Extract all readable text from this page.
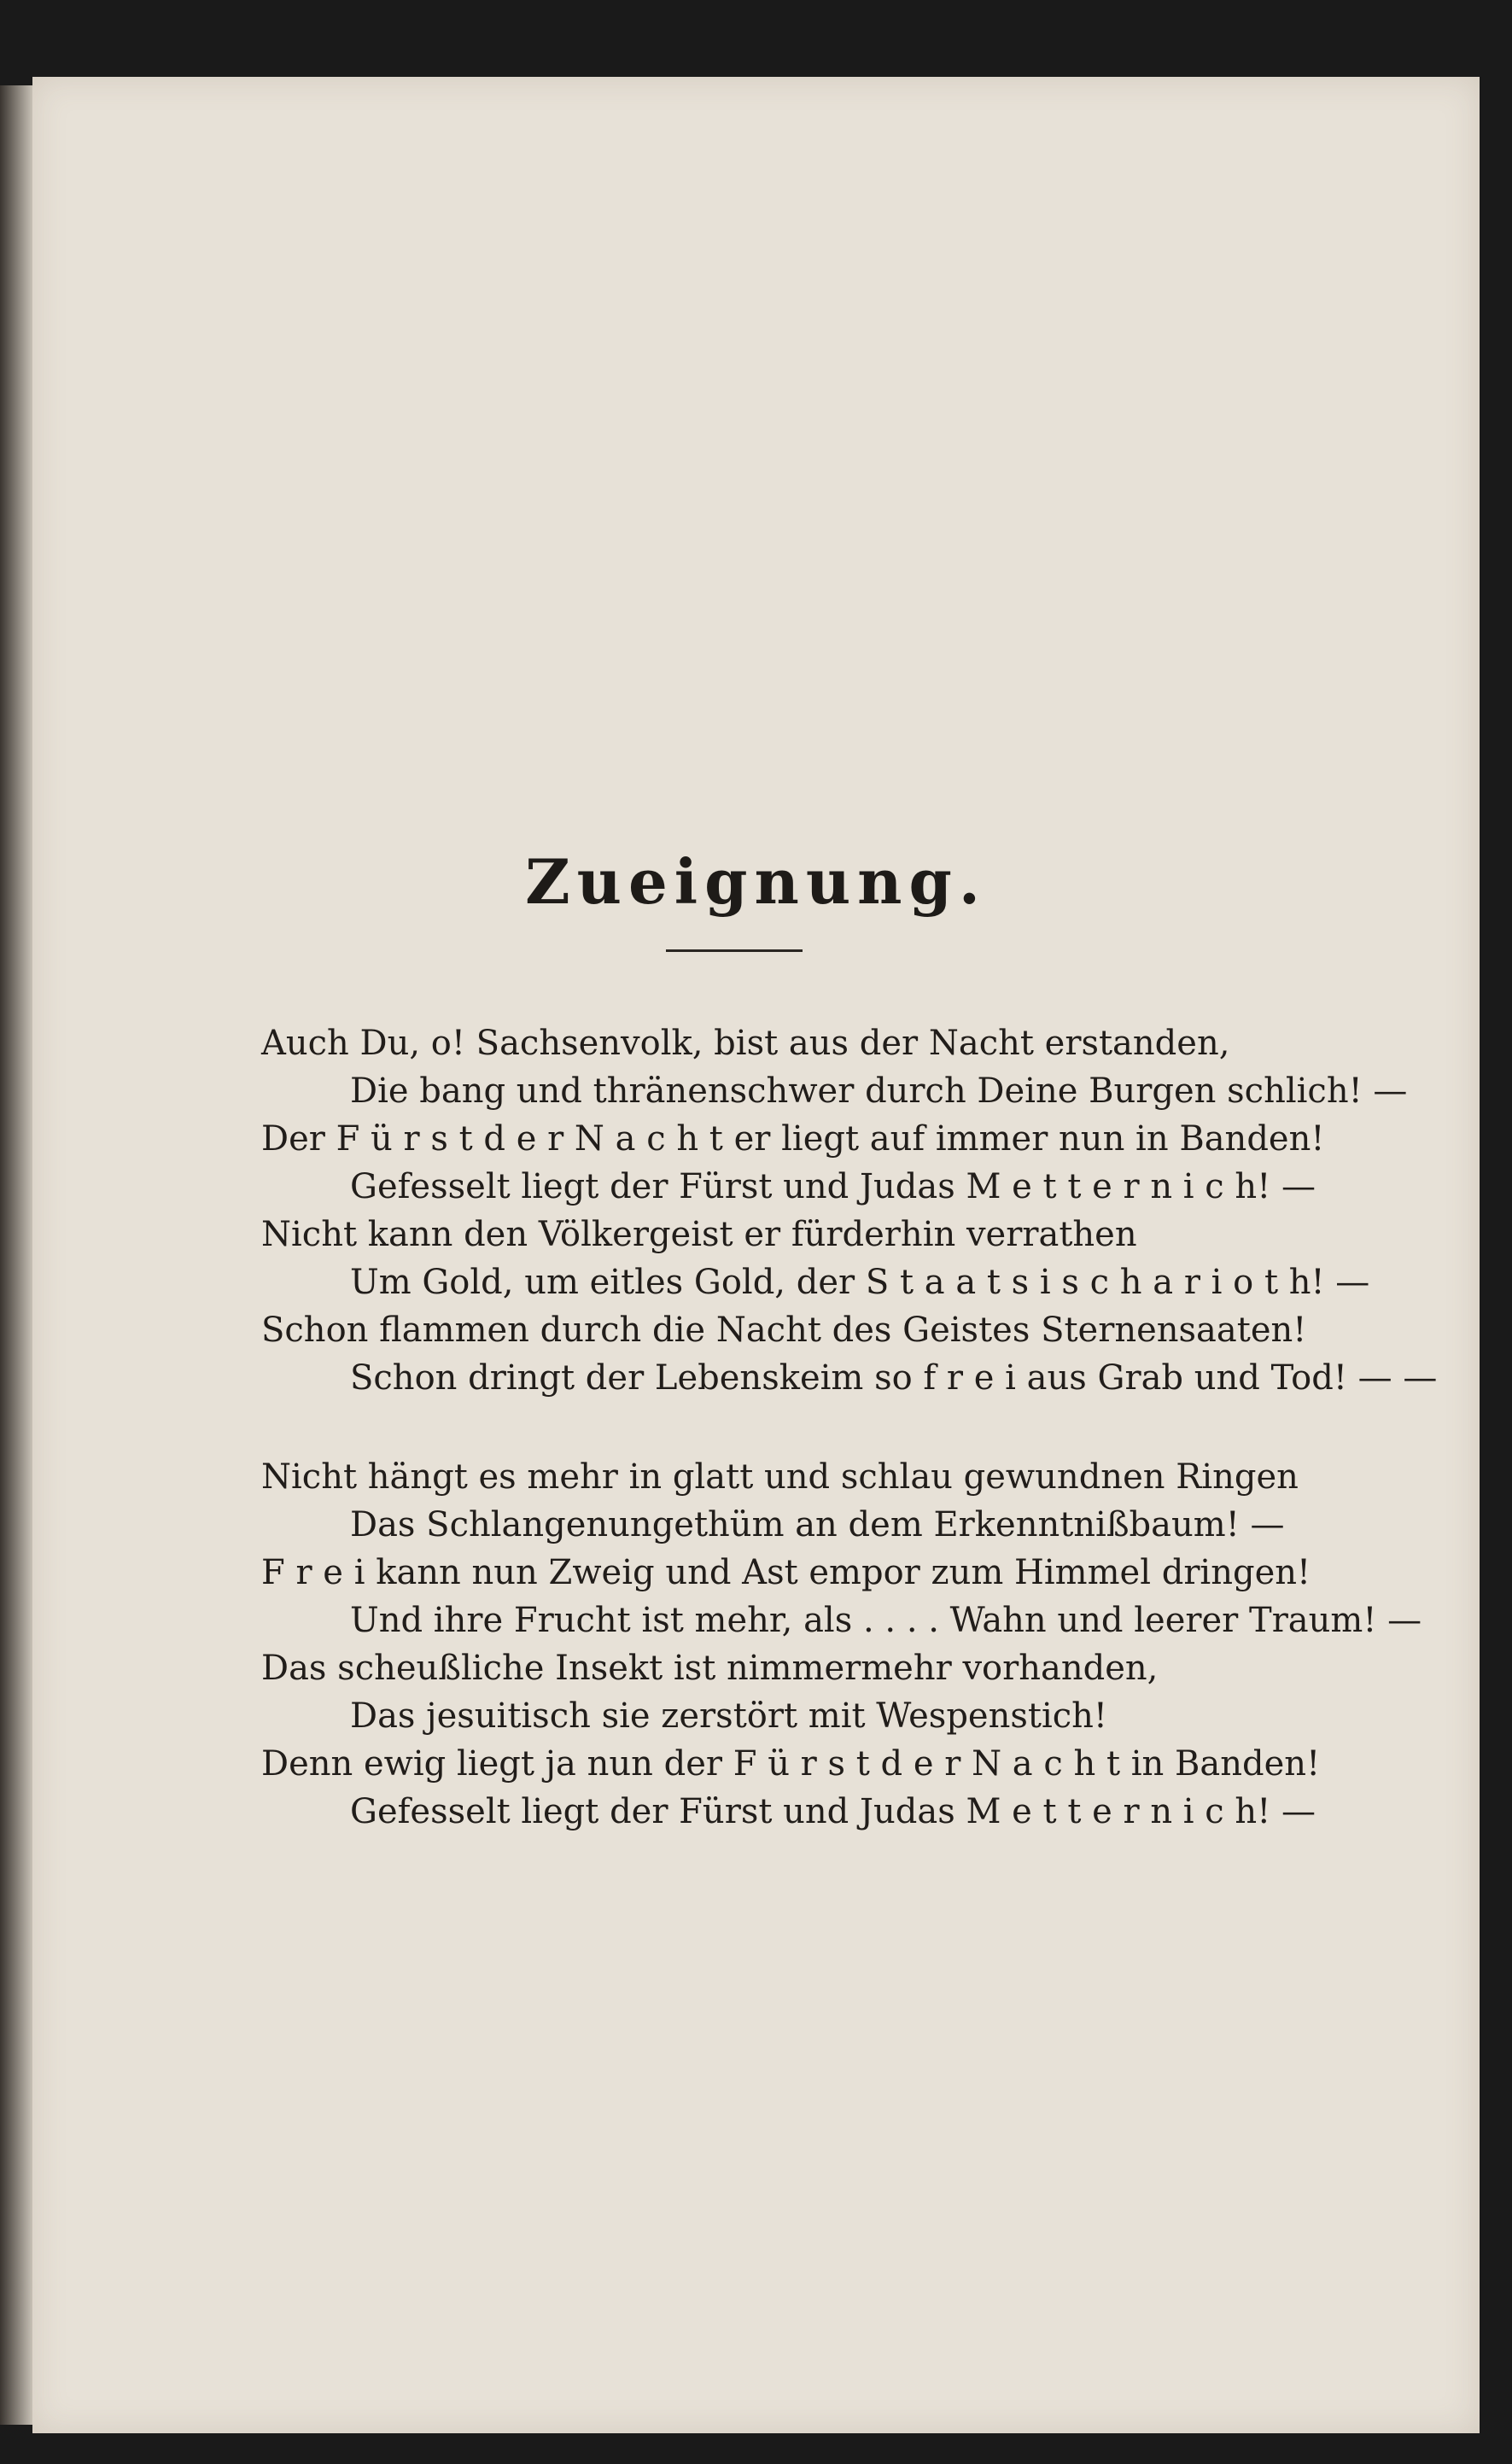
Zueignung.
Auch Du, o! Sachsenvolk, bist aus der Nacht erstanden,
Die bang und thränenschwer durch Deine Burgen schlich! —
Der F ü r s t d e r N a c h t er liegt auf immer nun in Banden!
Gefesselt liegt der Fürst und Judas M e t t e r n i c h! —
Nicht kann den Völkergeist er fürderhin verrathen
Um Gold, um eitles Gold, der S t a a t s i s c h a r i o t h! —
Schon flammen durch die Nacht des Geistes Sternensaaten!
Schon dringt der Lebenskeim so f r e i aus Grab und Tod! — —
Nicht hängt es mehr in glatt und schlau gewundnen Ringen
Das Schlangenungethüm an dem Erkenntnißbaum! —
F r e i kann nun Zweig und Ast empor zum Himmel dringen!
Und ihre Frucht ist mehr, als . . . . Wahn und leerer Traum! —
Das scheußliche Insekt ist nimmermehr vorhanden,
Das jesuitisch sie zerstört mit Wespenstich!
Denn ewig liegt ja nun der F ü r s t d e r N a c h t in Banden!
Gefesselt liegt der Fürst und Judas M e t t e r n i c h! —
